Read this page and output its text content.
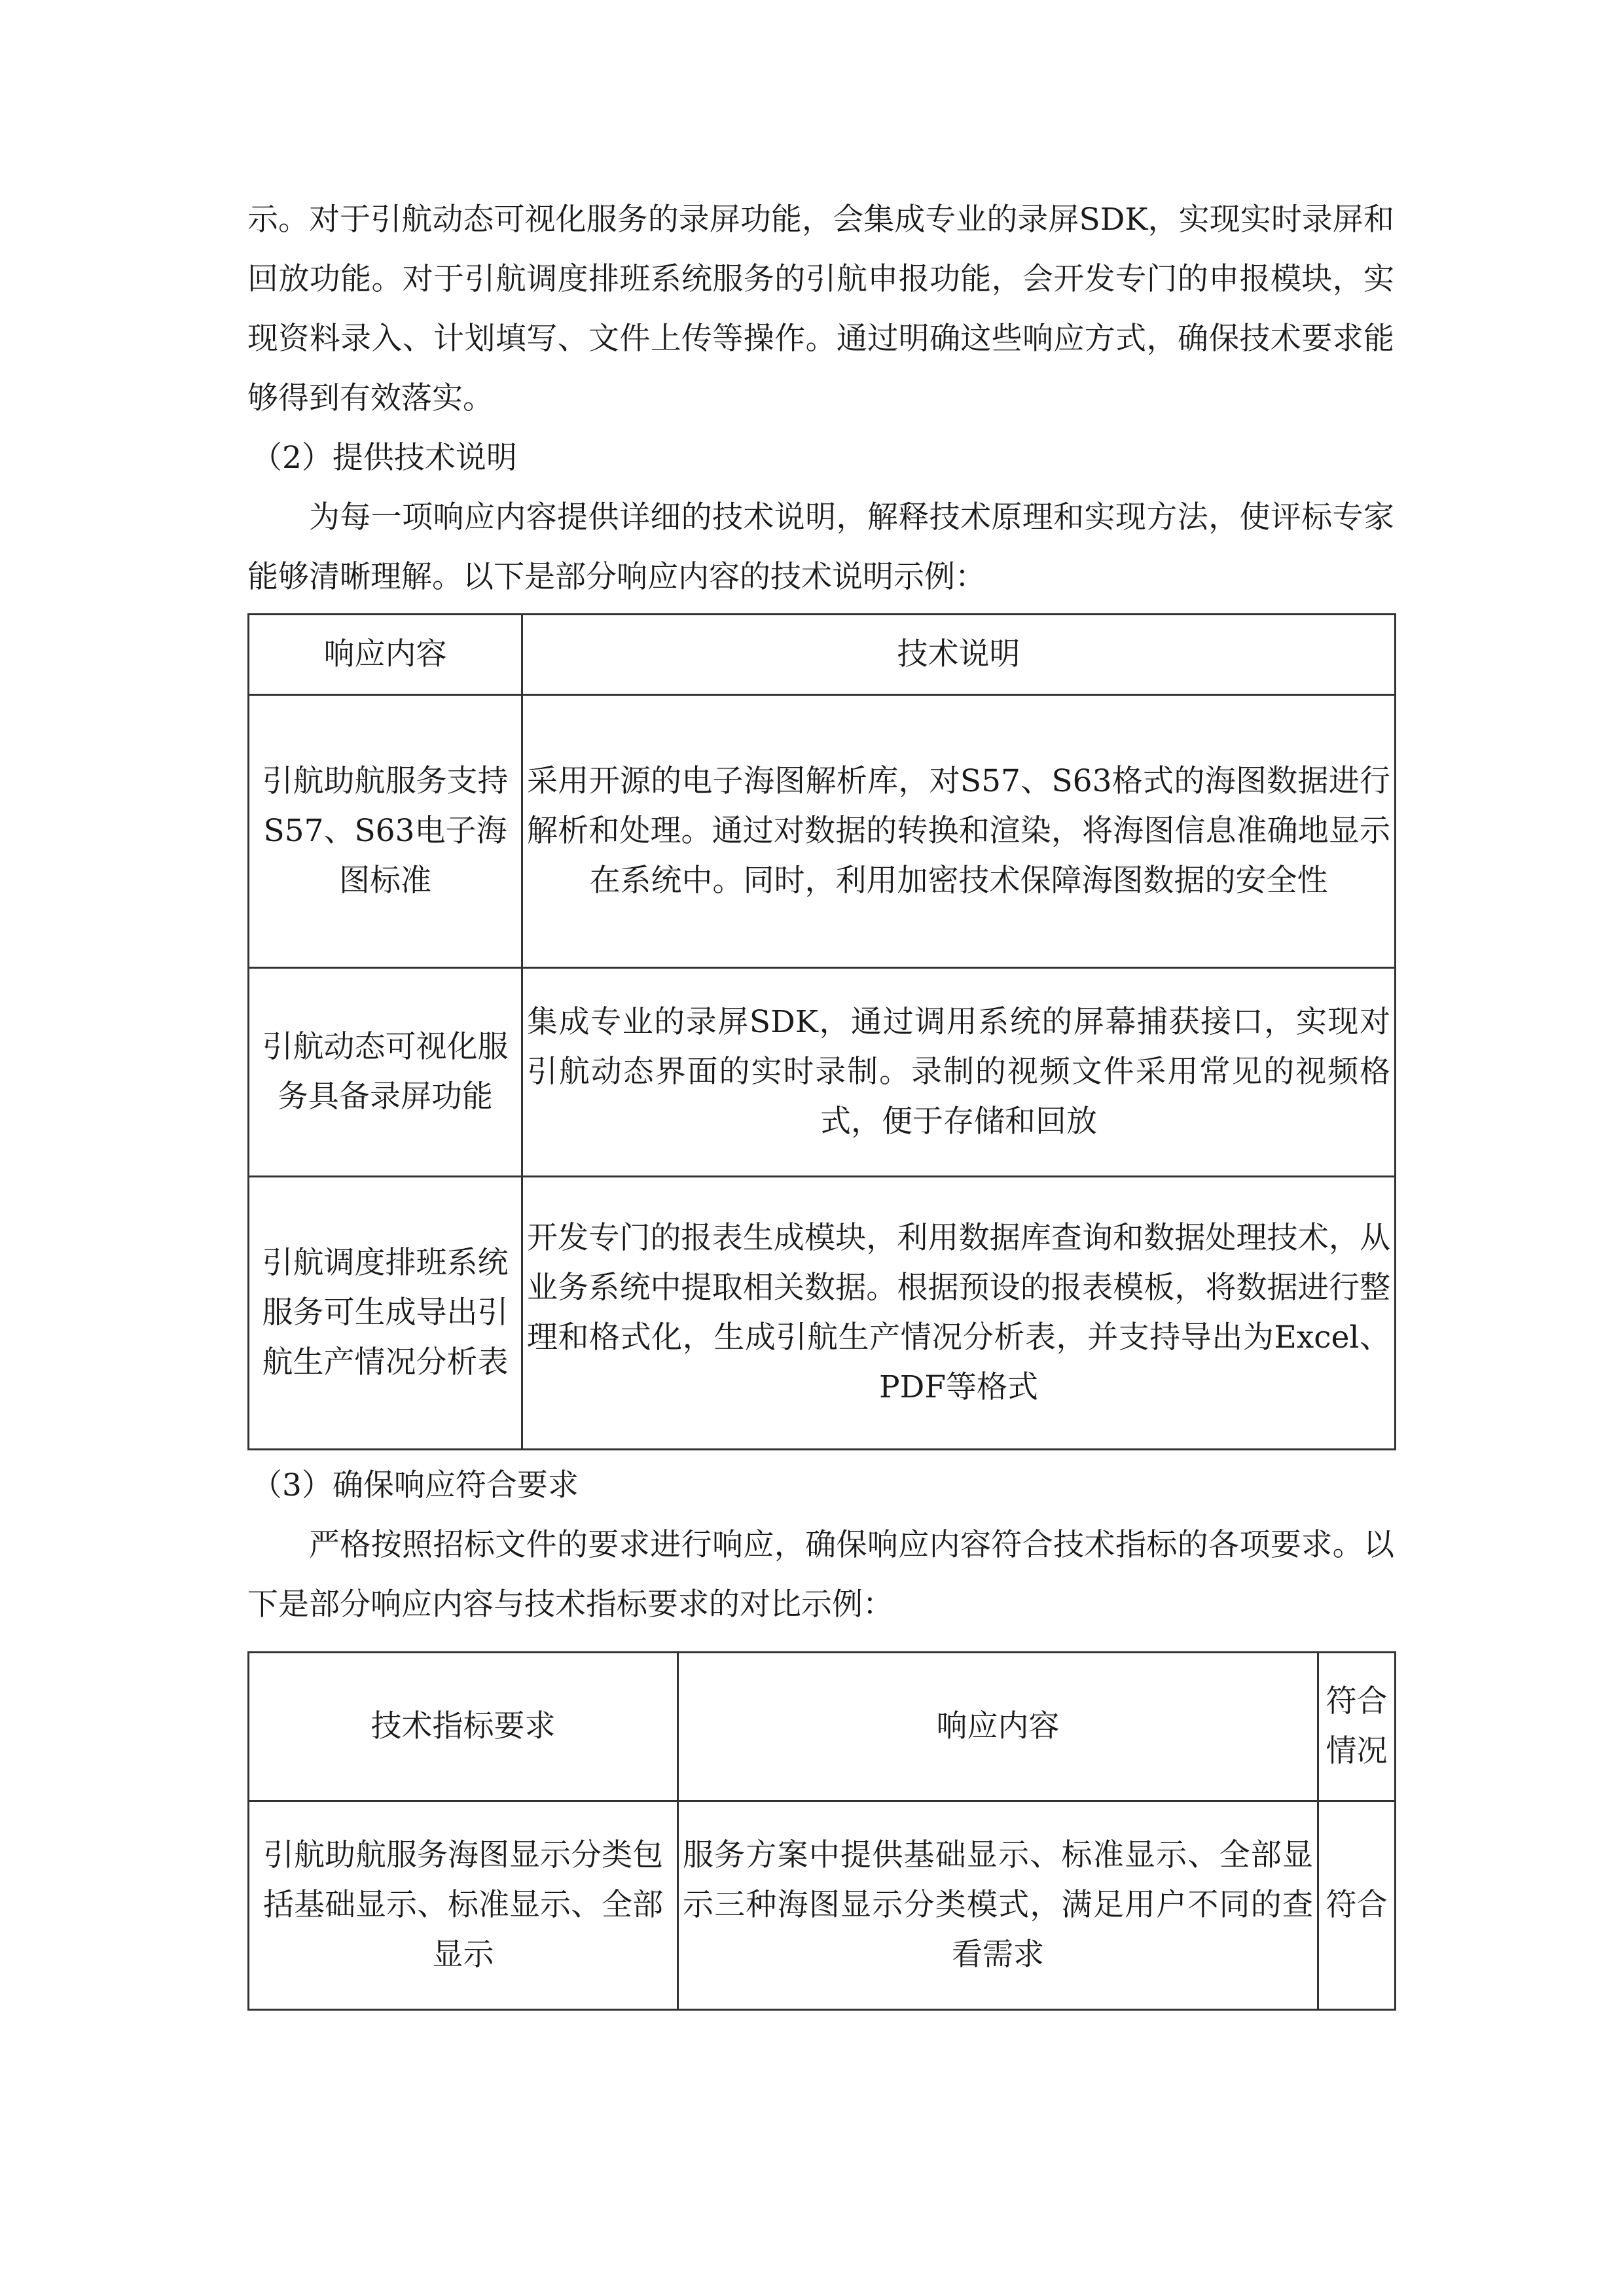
示。对于引航动态可视化服务的录屏功能，会集成专业的录屏SDK，实现实时录屏和回放功能。对于引航调度排班系统服务的引航申报功能，会开发专门的申报模块，实现资料录入、计划填写、文件上传等操作。通过明确这些响应方式，确保技术要求能够得到有效落实。

（2）提供技术说明

为每一项响应内容提供详细的技术说明，解释技术原理和实现方法，使评标专家能够清晰理解。以下是部分响应内容的技术说明示例：

响应内容	技术说明
引航助航服务支持S57、S63电子海图标准	采用开源的电子海图解析库，对S57、S63格式的海图数据进行解析和处理。通过对数据的转换和渲染，将海图信息准确地显示在系统中。同时，利用加密技术保障海图数据的安全性
引航动态可视化服务具备录屏功能	集成专业的录屏SDK，通过调用系统的屏幕捕获接口，实现对引航动态界面的实时录制。录制的视频文件采用常见的视频格式，便于存储和回放
引航调度排班系统服务可生成导出引航生产情况分析表	开发专门的报表生成模块，利用数据库查询和数据处理技术，从业务系统中提取相关数据。根据预设的报表模板，将数据进行整理和格式化，生成引航生产情况分析表，并支持导出为Excel、PDF等格式

（3）确保响应符合要求

严格按照招标文件的要求进行响应，确保响应内容符合技术指标的各项要求。以下是部分响应内容与技术指标要求的对比示例：

技术指标要求	响应内容	符合情况
引航助航服务海图显示分类包括基础显示、标准显示、全部显示	服务方案中提供基础显示、标准显示、全部显示三种海图显示分类模式，满足用户不同的查看需求	符合
